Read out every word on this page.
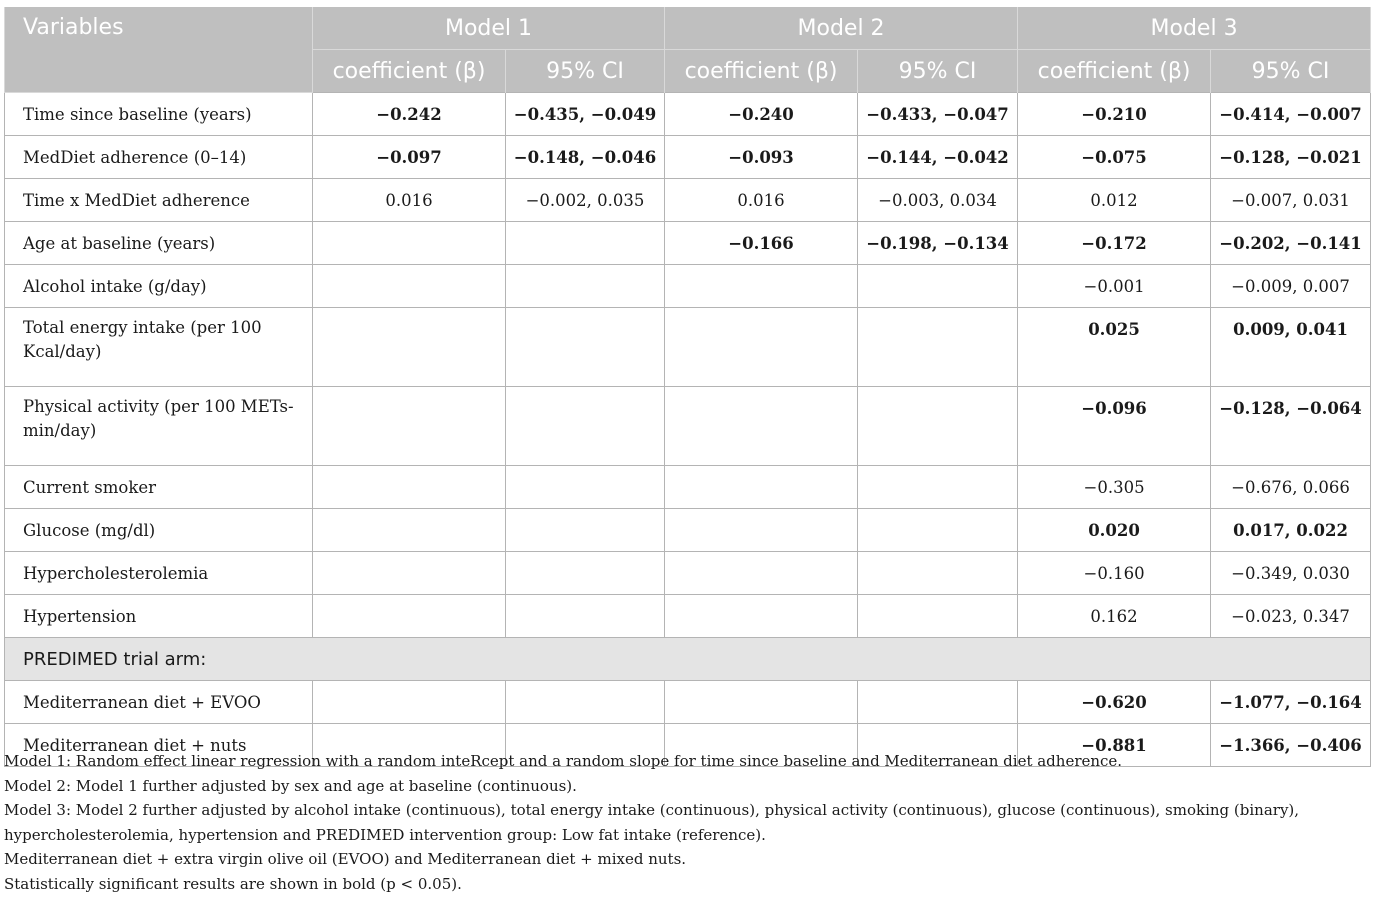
Variables	Model 1		Model 2		Model 3	
	coefficient (β)	95% CI	coefficient (β)	95% CI	coefficient (β)	95% CI
Time since baseline (years)	−0.242	−0.435, −0.049	−0.240	−0.433, −0.047	−0.210	−0.414, −0.007
MedDiet adherence (0–14)	−0.097	−0.148, −0.046	−0.093	−0.144, −0.042	−0.075	−0.128, −0.021
Time x MedDiet adherence	0.016	−0.002, 0.035	0.016	−0.003, 0.034	0.012	−0.007, 0.031
Age at baseline (years)			−0.166	−0.198, −0.134	−0.172	−0.202, −0.141
Alcohol intake (g/day)					−0.001	−0.009, 0.007
Total energy intake (per 100 Kcal/day)					0.025	0.009, 0.041
Physical activity (per 100 METs-min/day)					−0.096	−0.128, −0.064
Current smoker					−0.305	−0.676, 0.066
Glucose (mg/dl)					0.020	0.017, 0.022
Hypercholesterolemia					−0.160	−0.349, 0.030
Hypertension					0.162	−0.023, 0.347
PREDIMED trial arm:						
Mediterranean diet + EVOO					−0.620	−1.077, −0.164
Mediterranean diet + nuts					−0.881	−1.366, −0.406

Model 1: Random effect linear regression with a random inteRcept and a random slope for time since baseline and Mediterranean diet adherence.

Model 2: Model 1 further adjusted by sex and age at baseline (continuous).

Model 3: Model 2 further adjusted by alcohol intake (continuous), total energy intake (continuous), physical activity (continuous), glucose (continuous), smoking (binary), hypercholesterolemia, hypertension and PREDIMED intervention group: Low fat intake (reference).

Mediterranean diet + extra virgin olive oil (EVOO) and Mediterranean diet + mixed nuts.

Statistically significant results are shown in bold (p < 0.05).
